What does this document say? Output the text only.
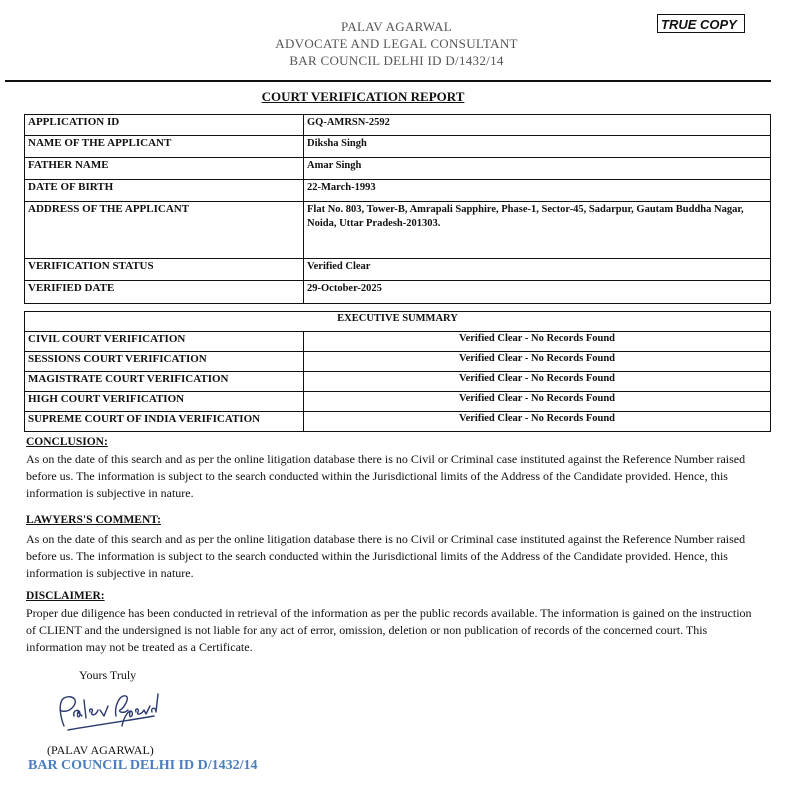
PALAV AGARWAL
ADVOCATE AND LEGAL CONSULTANT
BAR COUNCIL DELHI ID D/1432/14
TRUE COPY
COURT VERIFICATION REPORT
APPLICATION ID	GQ-AMRSN-2592
NAME OF THE APPLICANT	Diksha Singh
FATHER NAME	Amar Singh
DATE OF BIRTH	22-March-1993
ADDRESS OF THE APPLICANT	Flat No. 803, Tower-B, Amrapali Sapphire, Phase-1, Sector-45, Sadarpur, Gautam Buddha Nagar, Noida, Uttar Pradesh-201303.
VERIFICATION STATUS	Verified Clear
VERIFIED DATE	29-October-2025
EXECUTIVE SUMMARY	
CIVIL COURT VERIFICATION	Verified Clear - No Records Found
SESSIONS COURT VERIFICATION	Verified Clear - No Records Found
MAGISTRATE COURT VERIFICATION	Verified Clear - No Records Found
HIGH COURT VERIFICATION	Verified Clear - No Records Found
SUPREME COURT OF INDIA VERIFICATION	Verified Clear - No Records Found
CONCLUSION:
As on the date of this search and as per the online litigation database there is no Civil or Criminal case instituted against the Reference Number raised before us. The information is subject to the search conducted within the Jurisdictional limits of the Address of the Candidate provided. Hence, this information is subjective in nature.
LAWYERS'S COMMENT:
As on the date of this search and as per the online litigation database there is no Civil or Criminal case instituted against the Reference Number raised before us. The information is subject to the search conducted within the Jurisdictional limits of the Address of the Candidate provided. Hence, this information is subjective in nature.
DISCLAIMER:
Proper due diligence has been conducted in retrieval of the information as per the public records available. The information is gained on the instruction of CLIENT and the undersigned is not liable for any act of error, omission, deletion or non publication of records of the concerned court. This information may not be treated as a Certificate.
Yours Truly
(PALAV AGARWAL)
BAR COUNCIL DELHI ID D/1432/14
